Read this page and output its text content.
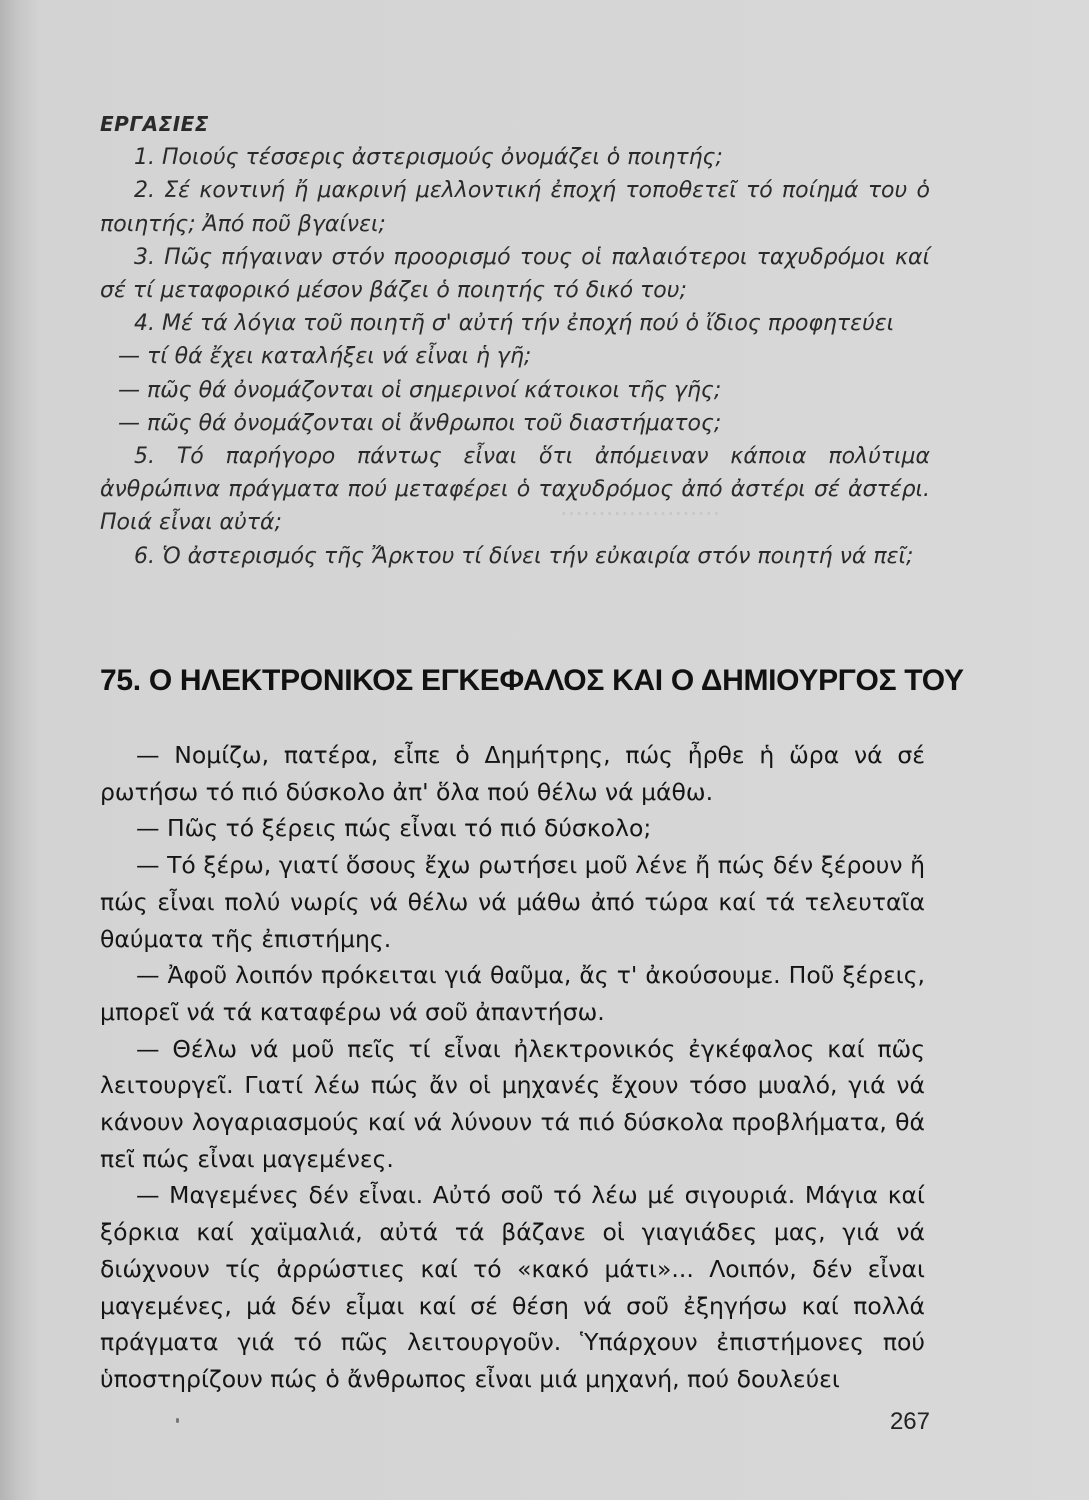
·····················
ΕΡΓΑΣΙΕΣ
1. Ποιούς τέσσερις ἀστερισμούς ὀνομάζει ὁ ποιητής;
2. Σέ κοντινή ἤ μακρινή μελλοντική ἐποχή τοποθετεῖ τό ποίημά του ὁ ποιητής; Ἀπό ποῦ βγαίνει;
3. Πῶς πήγαιναν στόν προορισμό τους οἱ παλαιότεροι ταχυδρόμοι καί σέ τί μεταφορικό μέσον βάζει ὁ ποιητής τό δικό του;
4. Μέ τά λόγια τοῦ ποιητῆ σ' αὐτή τήν ἐποχή πού ὁ ἴδιος προφητεύει
— τί θά ἔχει καταλήξει νά εἶναι ἡ γῆ;
— πῶς θά ὀνομάζονται οἱ σημερινοί κάτοικοι τῆς γῆς;
— πῶς θά ὀνομάζονται οἱ ἄνθρωποι τοῦ διαστήματος;
5. Τό παρήγορο πάντως εἶναι ὅτι ἀπόμειναν κάποια πολύτιμα ἀνθρώπινα πράγματα πού μεταφέρει ὁ ταχυδρόμος ἀπό ἀστέρι σέ ἀστέρι. Ποιά εἶναι αὐτά;
6. Ὁ ἀστερισμός τῆς Ἄρκτου τί δίνει τήν εὐκαιρία στόν ποιητή νά πεῖ;
75. Ο ΗΛΕΚΤΡΟΝΙΚΟΣ ΕΓΚΕΦΑΛΟΣ ΚΑΙ Ο ΔΗΜΙΟΥΡΓΟΣ ΤΟΥ

— Νομίζω, πατέρα, εἶπε ὁ Δημήτρης, πώς ἦρθε ἡ ὥρα νά σέ ρωτήσω τό πιό δύσκολο ἀπ' ὅλα πού θέλω νά μάθω.

— Πῶς τό ξέρεις πώς εἶναι τό πιό δύσκολο;

— Τό ξέρω, γιατί ὅσους ἔχω ρωτήσει μοῦ λένε ἤ πώς δέν ξέρουν ἤ πώς εἶναι πολύ νωρίς νά θέλω νά μάθω ἀπό τώρα καί τά τελευταῖα θαύματα τῆς ἐπιστήμης.

— Ἀφοῦ λοιπόν πρόκειται γιά θαῦμα, ἄς τ' ἀκούσουμε. Ποῦ ξέρεις, μπορεῖ νά τά καταφέρω νά σοῦ ἀπαντήσω.

— Θέλω νά μοῦ πεῖς τί εἶναι ἠλεκτρονικός ἐγκέφαλος καί πῶς λειτουργεῖ. Γιατί λέω πώς ἄν οἱ μηχανές ἔχουν τόσο μυαλό, γιά νά κάνουν λογαριασμούς καί νά λύνουν τά πιό δύσκολα προβλήματα, θά πεῖ πώς εἶναι μαγεμένες.

— Μαγεμένες δέν εἶναι. Αὐτό σοῦ τό λέω μέ σιγουριά. Μάγια καί ξόρκια καί χαϊμαλιά, αὐτά τά βάζανε οἱ γιαγιάδες μας, γιά νά διώχνουν τίς ἀρρώστιες καί τό «κακό μάτι»... Λοιπόν, δέν εἶναι μαγεμένες, μά δέν εἶμαι καί σέ θέση νά σοῦ ἐξηγήσω καί πολλά πράγματα γιά τό πῶς λειτουργοῦν. Ὑπάρχουν ἐπιστήμονες πού ὑποστηρίζουν πώς ὁ ἄνθρωπος εἶναι μιά μηχανή, πού δουλεύει

267
